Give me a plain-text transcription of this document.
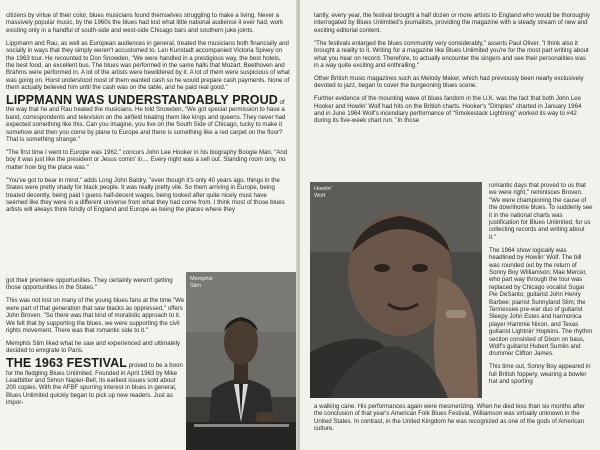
citizens by virtue of their color, blues musicians found themselves struggling to make a living. Never a massively popular music, by the 1960s the blues had lost what little national audience it ever had, work existing only in a handful of south-side and west-side Chicago bars and southern juke joints.

Lippmann and Rau, as well as European audiences in general, treated the musicians both financially and socially in ways that they simply weren't accustomed to. Len Kunstadt accompanied Victoria Spivey on the 1963 tour. He recounted to Don Snowden, "We were handled in a prestigious way, the best hotels, the best food, an excellent bus. The blues was performed in the same halls that Mozart, Beethoven and Brahms were performed in. A lot of the artists were bewildered by it. A lot of them were suspicious of what was going on. Horst understood most of them wanted cash so he would prepare cash payments. None of them actually believed him until the cash was on the table, and he paid real good."

LIPPMANN WAS UNDERSTANDABLY PROUD of the way that he and Rau treated the musicians. He told Snowden, "We got special permission to have a band, correspondents and television on the airfield treating them like kings and queens. They never had expected something like this. Can you imagine, you live on the South Side of Chicago, lucky to make it somehow and then you come by plane to Europe and there is something like a red carpet on the floor? That is something strange."

"The first time I went to Europe was 1962," concurs John Lee Hooker in his biography Boogie Man. "And boy it was just like the president or Jesus comin' in.... Every night was a sell out. Standing room only, no matter how big the place was."

"You've got to bear in mind," adds Long John Baldry, "even though it's only 40 years ago, things in the States were pretty shady for black people. It was really pretty vile. So them arriving in Europe, being treated decently, being paid I guess half-decent wages, being looked after quite nicely must have seemed like they were in a different universe from what they had come from. I think most of those blues artists will always think fondly of England and Europe as being the places where they

got their premiere opportunities. They certainly weren't getting those opportunities in the States."

This was not lost on many of the young blues fans at the time "We were part of that generation that saw blacks as oppressed," offers John Broven. "So there was that kind of moralistic approach to it. We felt that by supporting the blues, we were supporting the civil rights movement. There was that romantic side to it."

Memphis Slim liked what he saw and experienced and ultimately decided to emigrate to Paris.

THE 1963 FESTIVAL proved to be a boon for the fledgling Blues Unlimited. Founded in April 1963 by Mike Leadbitter and Simon Napier-Bell, its earliest issues sold about 200 copies. With the AFBF spurring interest in blues in general, Blues Unlimited quickly began to pick up new readers. Just as impor-

Memphis
Slim

tantly, every year, the festival brought a half dozen or more artists to England who would be thoroughly interrogated by Blues Unlimited's journalists, providing the magazine with a steady stream of new and exciting editorial content.

"The festivals enlarged the blues community very considerably," asserts Paul Oliver. "I think also it brought a reality to it. Writing for a magazine like Blues Unlimited you're for the most part writing about what you hear on record. Therefore, to actually encounter the singers and see their personalities was in a way quite exciting and enthralling."

Other British music magazines such as Melody Maker, which had previously been nearly exclusively devoted to jazz, began to cover the burgeoning blues scene.

Further evidence of the mounting wave of blues fandom in the U.K. was the fact that both John Lee Hooker and Howlin' Wolf had hits on the British charts. Hooker's "Dimples" charted in January 1964 and in June 1964 Wolf's incendiary performance of "Smokestack Lightning" worked its way to #42 during its five-week chart run. "In those

Howlin'
Wolf

romantic days that proved to us that we were right," reminisces Broven. "We were championing the cause of the downhome blues. To suddenly see it in the national charts was justification for Blues Unlimited, for us collecting records and writing about it."

The 1964 show logically was headlined by Howlin' Wolf. The bill was rounded out by the return of Sonny Boy Williamson; Mae Mercer, who part way through the tour was replaced by Chicago vocalist Sugar Pie DeSanto; guitarist John Henry Barbee; pianist Sunnyland Slim; the Tennessee pre-war duo of guitarist Sleepy John Estes and harmonica player Hammie Nixon, and Texas guitarist Lightnin' Hopkins. The rhythm section consisted of Dixon on bass, Wolf's guitarist Hubert Sumlin and drummer Clifton James.

This time out, Sonny Boy appeared in full British foppery, wearing a bowler hat and sporting

a walking cane. His performances again were mesmerizing. When he died less than six months after the conclusion of that year's American Folk Blues Festival, Williamson was virtually unknown in the United States. In contrast, in the United Kingdom he was recognized as one of the gods of American culture.
